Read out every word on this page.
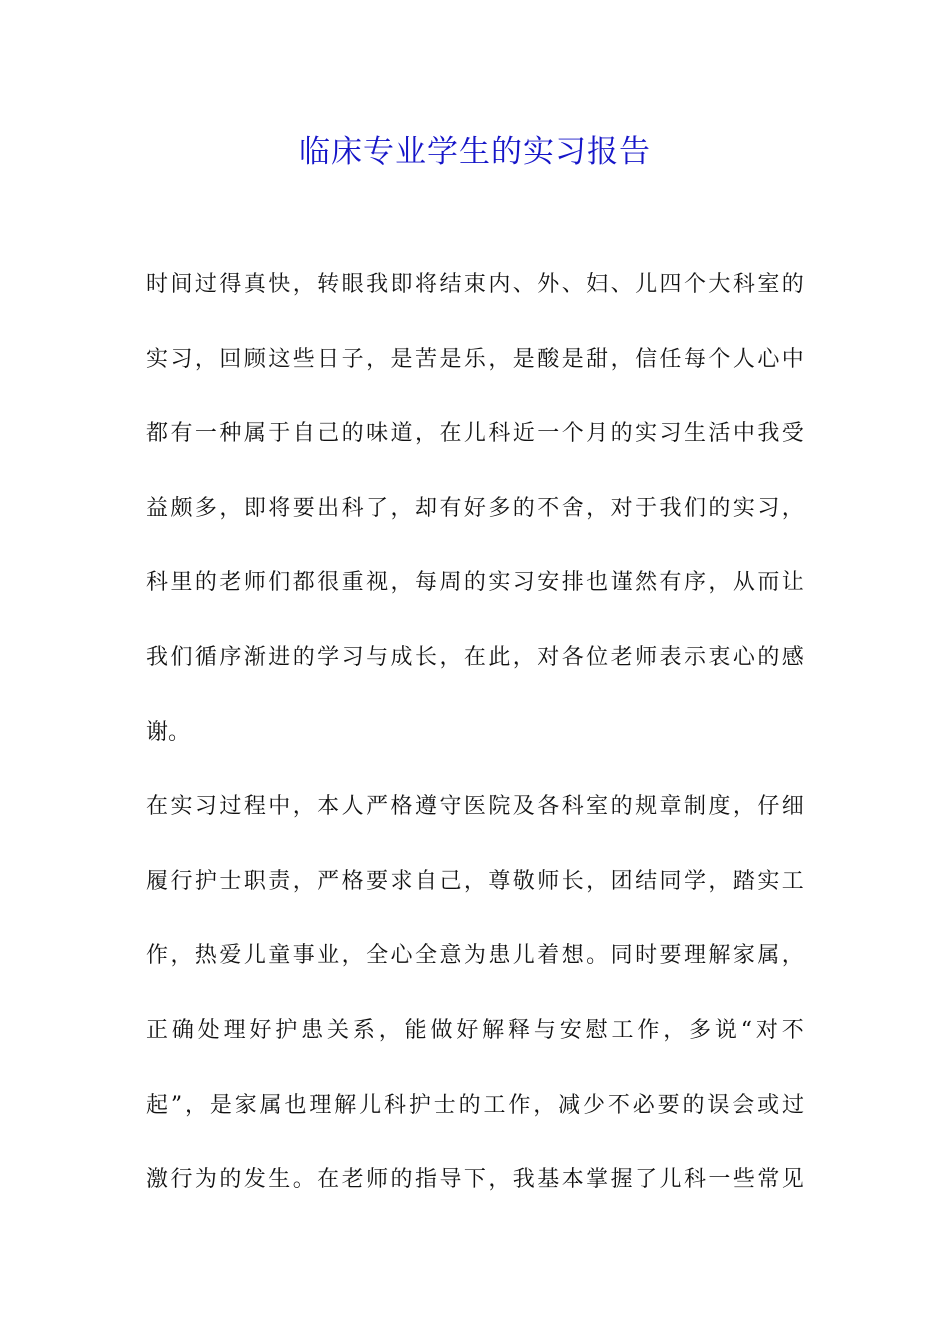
临床专业学生的实习报告
时 间 过 得 真 快 ， 转 眼 我 即 将 结 束 内 、 外 、 妇 、 儿 四 个 大 科 室 的
实 习 ， 回 顾 这 些 日 子 ， 是 苦 是 乐 ， 是 酸 是 甜 ， 信 任 每 个 人 心 中
都 有 一 种 属 于 自 己 的 味 道 ， 在 儿 科 近 一 个 月 的 实 习 生 活 中 我 受
益 颇 多 ， 即 将 要 出 科 了 ， 却 有 好 多 的 不 舍 ， 对 于 我 们 的 实 习 ，
科 里 的 老 师 们 都 很 重 视 ， 每 周 的 实 习 安 排 也 谨 然 有 序 ， 从 而 让
我 们 循 序 渐 进 的 学 习 与 成 长 ， 在 此 ， 对 各 位 老 师 表 示 衷 心 的 感
谢 。
在 实 习 过 程 中 ， 本 人 严 格 遵 守 医 院 及 各 科 室 的 规 章 制 度 ， 仔 细
履 行 护 士 职 责 ， 严 格 要 求 自 己 ， 尊 敬 师 长 ， 团 结 同 学 ， 踏 实 工
作 ， 热 爱 儿 童 事 业 ， 全 心 全 意 为 患 儿 着 想 。 同 时 要 理 解 家 属 ，
正 确 处 理 好 护 患 关 系 ， 能 做 好 解 释 与 安 慰 工 作 ， 多 说 “ 对 不
起 ” ， 是 家 属 也 理 解 儿 科 护 士 的 工 作 ， 减 少 不 必 要 的 误 会 或 过
激 行 为 的 发 生 。 在 老 师 的 指 导 下 ， 我 基 本 掌 握 了 儿 科 一 些 常 见
